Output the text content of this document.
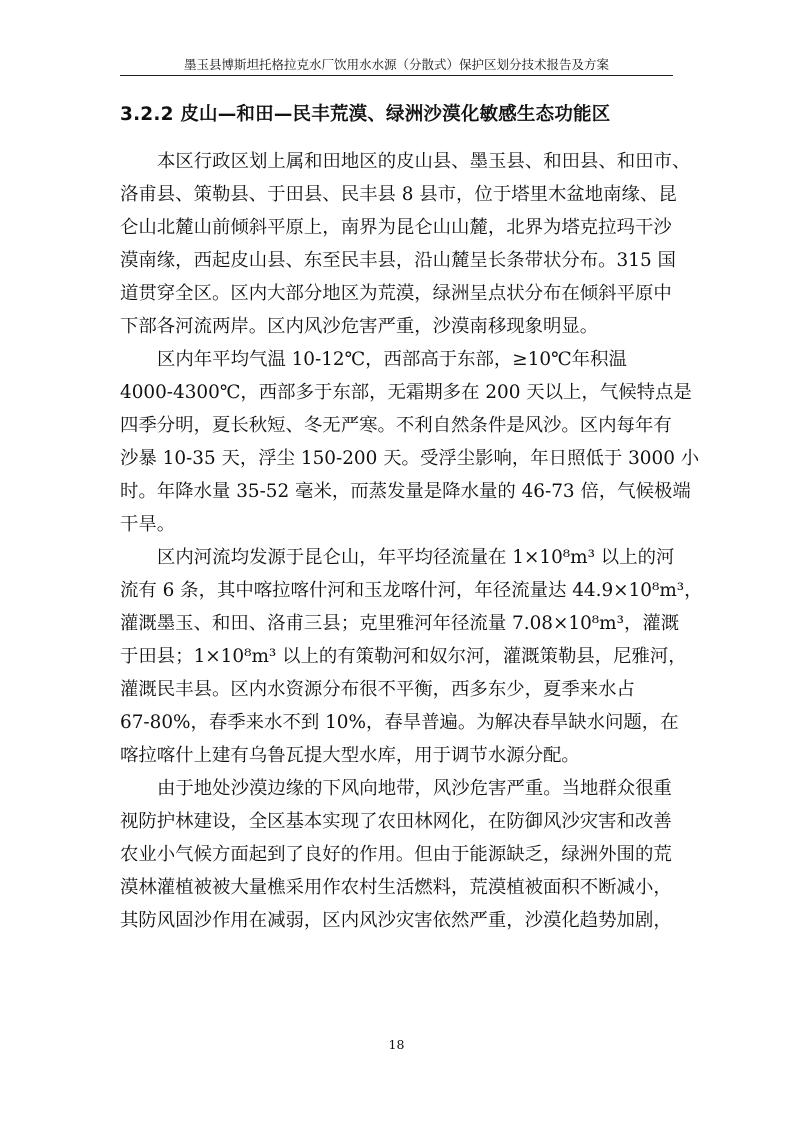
墨玉县博斯坦托格拉克水厂饮用水水源（分散式）保护区划分技术报告及方案
3.2.2 皮山—和田—民丰荒漠、绿洲沙漠化敏感生态功能区
本区行政区划上属和田地区的皮山县、墨玉县、和田县、和田市、
洛甫县、策勒县、于田县、民丰县 8 县市，位于塔里木盆地南缘、昆
仑山北麓山前倾斜平原上，南界为昆仑山山麓，北界为塔克拉玛干沙
漠南缘，西起皮山县、东至民丰县，沿山麓呈长条带状分布。315 国
道贯穿全区。区内大部分地区为荒漠，绿洲呈点状分布在倾斜平原中
下部各河流两岸。区内风沙危害严重，沙漠南移现象明显。
区内年平均气温 10-12℃，西部高于东部，≥10℃年积温
4000-4300℃，西部多于东部，无霜期多在 200 天以上，气候特点是
四季分明，夏长秋短、冬无严寒。不利自然条件是风沙。区内每年有
沙暴 10-35 天，浮尘 150-200 天。受浮尘影响，年日照低于 3000 小
时。年降水量 35-52 毫米，而蒸发量是降水量的 46-73 倍，气候极端
干旱。
区内河流均发源于昆仑山，年平均径流量在 1×10⁸m³ 以上的河
流有 6 条，其中喀拉喀什河和玉龙喀什河，年径流量达 44.9×10⁸m³，
灌溉墨玉、和田、洛甫三县；克里雅河年径流量 7.08×10⁸m³，灌溉
于田县；1×10⁸m³ 以上的有策勒河和奴尔河，灌溉策勒县，尼雅河，
灌溉民丰县。区内水资源分布很不平衡，西多东少，夏季来水占
67-80%，春季来水不到 10%，春旱普遍。为解决春旱缺水问题，在
喀拉喀什上建有乌鲁瓦提大型水库，用于调节水源分配。
由于地处沙漠边缘的下风向地带，风沙危害严重。当地群众很重
视防护林建设，全区基本实现了农田林网化，在防御风沙灾害和改善
农业小气候方面起到了良好的作用。但由于能源缺乏，绿洲外围的荒
漠林灌植被被大量樵采用作农村生活燃料，荒漠植被面积不断减小，
其防风固沙作用在减弱，区内风沙灾害依然严重，沙漠化趋势加剧，
18
